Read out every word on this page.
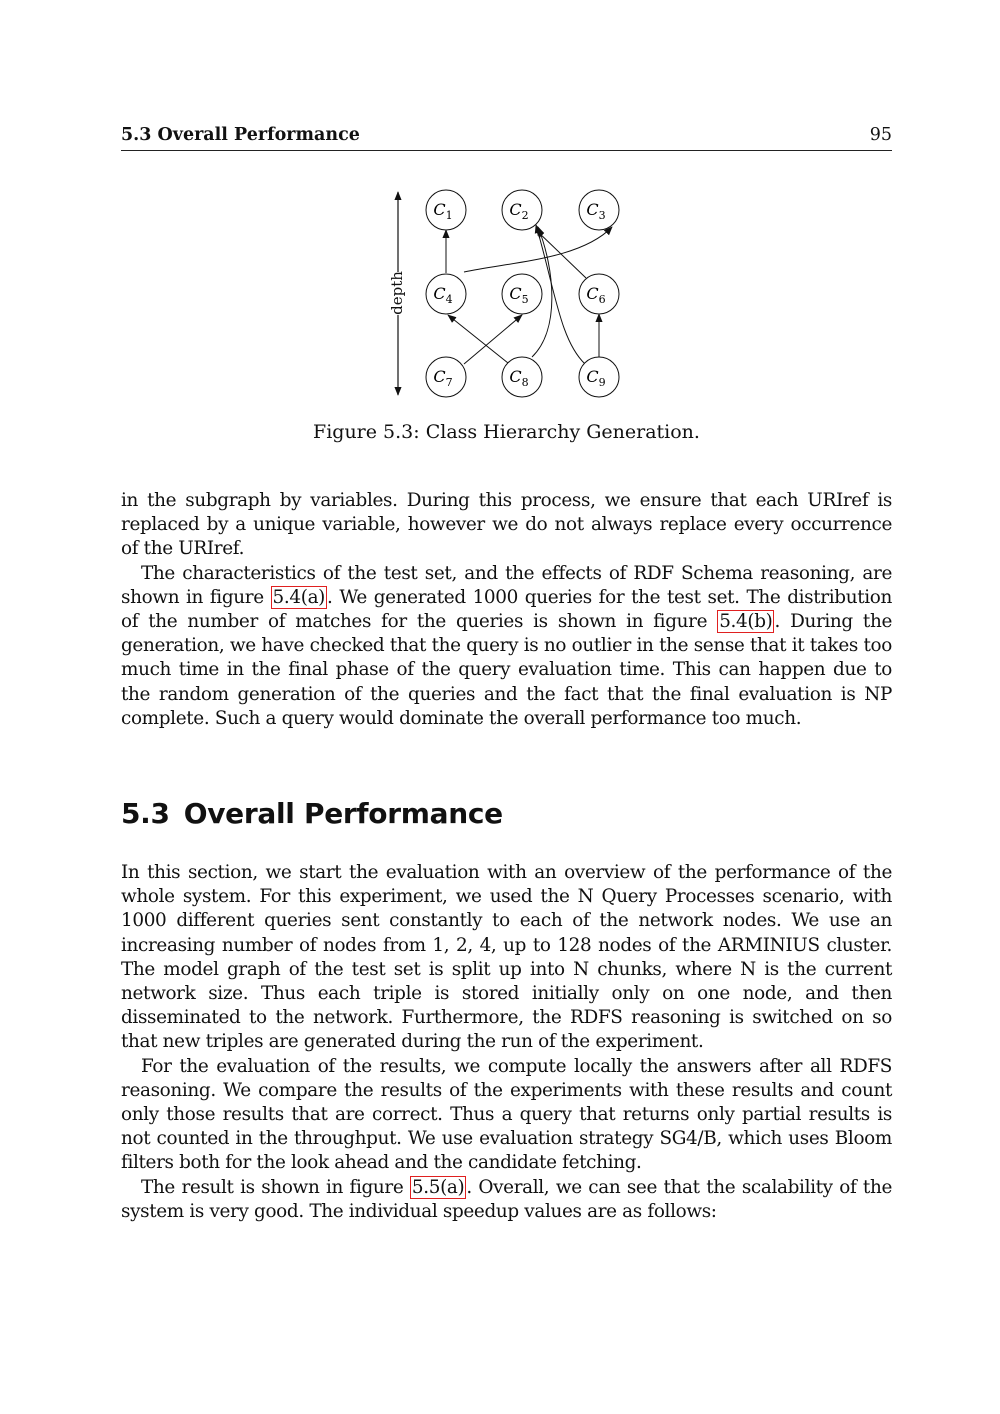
5.3 Overall Performance	95
depth
$C_1$	$C_2$	$C_3$
$C_4$	$C_5$	$C_6$
$C_7$	$C_8$	$C_9$
Figure 5.3: Class Hierarchy Generation.

in the subgraph by variables. During this process, we ensure that each URIref is replaced by a unique variable, however we do not always replace every occurrence of the URIref.

The characteristics of the test set, and the effects of RDF Schema reasoning, are shown in figure 5.4(a) . We generated 1000 queries for the test set. The distribution of the number of matches for the queries is shown in figure 5.4(b) . During the generation, we have checked that the query is no outlier in the sense that it takes too much time in the final phase of the query evaluation time. This can happen due to the random generation of the queries and the fact that the final evaluation is NP complete. Such a query would dominate the overall performance too much.

5.3 Overall Performance

In this section, we start the evaluation with an overview of the performance of the whole system. For this experiment, we used the N Query Processes scenario, with 1000 different queries sent constantly to each of the network nodes. We use an increasing number of nodes from 1, 2, 4, up to 128 nodes of the ARMINIUS cluster. The model graph of the test set is split up into N chunks, where N is the current network size. Thus each triple is stored initially only on one node, and then disseminated to the network. Furthermore, the RDFS reasoning is switched on so that new triples are generated during the run of the experiment.

For the evaluation of the results, we compute locally the answers after all RDFS reasoning. We compare the results of the experiments with these results and count only those results that are correct. Thus a query that returns only partial results is not counted in the throughput. We use evaluation strategy SG4/B, which uses Bloom filters both for the look ahead and the candidate fetching.

The result is shown in figure 5.5(a) . Overall, we can see that the scalability of the system is very good. The individual speedup values are as follows:
